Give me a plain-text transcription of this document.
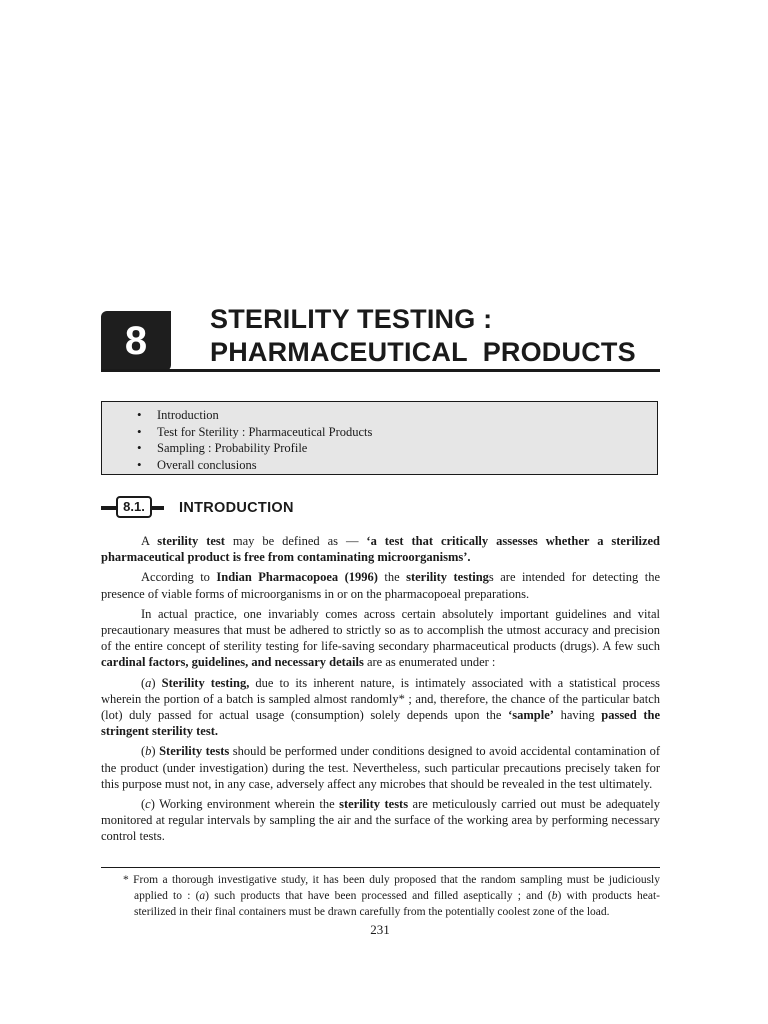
8	STERILITY TESTING :
PHARMACEUTICAL  PRODUCTS
• Introduction
• Test for Sterility : Pharmaceutical Products
• Sampling : Probability Profile
• Overall conclusions
8.1.	INTRODUCTION

A sterility test may be defined as — ‘a test that critically assesses whether a sterilized pharmaceutical product is free from contaminating microorganisms’.

According to Indian Pharmacopoea (1996) the sterility testings are intended for detecting the presence of viable forms of microorganisms in or on the pharmacopoeal preparations.

In actual practice, one invariably comes across certain absolutely important guidelines and vital precautionary measures that must be adhered to strictly so as to accomplish the utmost accuracy and precision of the entire concept of sterility testing for life-saving secondary pharmaceutical products (drugs). A few such cardinal factors, guidelines, and necessary details are as enumerated under :

(a) Sterility testing, due to its inherent nature, is intimately associated with a statistical process wherein the portion of a batch is sampled almost randomly* ; and, therefore, the chance of the particular batch (lot) duly passed for actual usage (consumption) solely depends upon the ‘sample’ having passed the stringent sterility test.

(b) Sterility tests should be performed under conditions designed to avoid accidental contamination of the product (under investigation) during the test. Nevertheless, such particular precautions precisely taken for this purpose must not, in any case, adversely affect any microbes that should be revealed in the test ultimately.

(c) Working environment wherein the sterility tests are meticulously carried out must be adequately monitored at regular intervals by sampling the air and the surface of the working area by performing necessary control tests.

* From a thorough investigative study, it has been duly proposed that the random sampling must be judiciously applied to : (a) such products that have been processed and filled aseptically ; and (b) with products heat-sterilized in their final containers must be drawn carefully from the potentially coolest zone of the load.
231
